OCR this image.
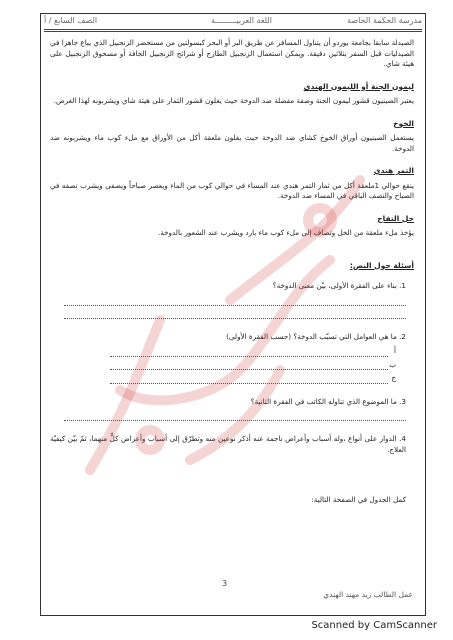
مدرسة الحكمة الخاصة
اللغة العربيـــــــــة
الصف السابع / أ

الصيدلة سابقا بجامعة بوردو أن يتناول المسافر عن طريق البر أو البحر كبسولتين من مستحضر الزنجبيل الذي يباع جاهزا في الصيدليات قبل السفر بثلاثين دقيقة. ويمكن استعمال الزنجبيل الطازج أو شرائح الزنجبيل الجافة أو مسحوق الزنجبيل على هيئة شاي.

ليمون الجنة أو الليمون الهندي

يعتبر الصينيون قشور ليمون الجنة وصفة مفضلة ضد الدوخة حيث يغلون قشور الثمار على هيئة شاي ويشربونه لهذا الغرض.

الخوخ

يستعمل الصينيون أوراق الخوخ كشاي ضد الدوخة حيث يغلون ملعقة أكل من الأوراق مع ملء كوب ماء ويشربونه ضد الدوخة.

التمر هندي

ينقع حوالي 1ملعقة أكل من ثمار التمر هندي عند المساء في حوالي كوب من الماء ويعصر صباحاً ويصفى ويشرب نصفه في الصباح والنصف الباقي في المساء ضد الدوخة.

خل التفاح

يؤخذ ملء ملعقة من الخل وتضاف إلى ملء كوب ماء بارد ويشرب عند الشعور بالدوخة.

أسئلة حول النص:
1. بناء على الفقرة الأولى، بيّن معنى الدوخة؟
2. ما هي العوامل التي تسبّب الدوخة؟ (حسب الفقرة الأولى)
أ
ب
ج
3. ما الموضوع الذي تناوله الكاتب في الفقرة الثانية؟
4. الدوار على أنواع ،وله أسباب وأعراض ناجمة عنه أذكر نوعين منه وتطرّق إلى أسباب وأعراض كلٍّ منهما، ثمّ بيّن كيفيّة العلاج.
كمل الجدول في الصفحة التالية:
3
عمل الطالب زيد مهند الهندي
Scanned by CamScanner
